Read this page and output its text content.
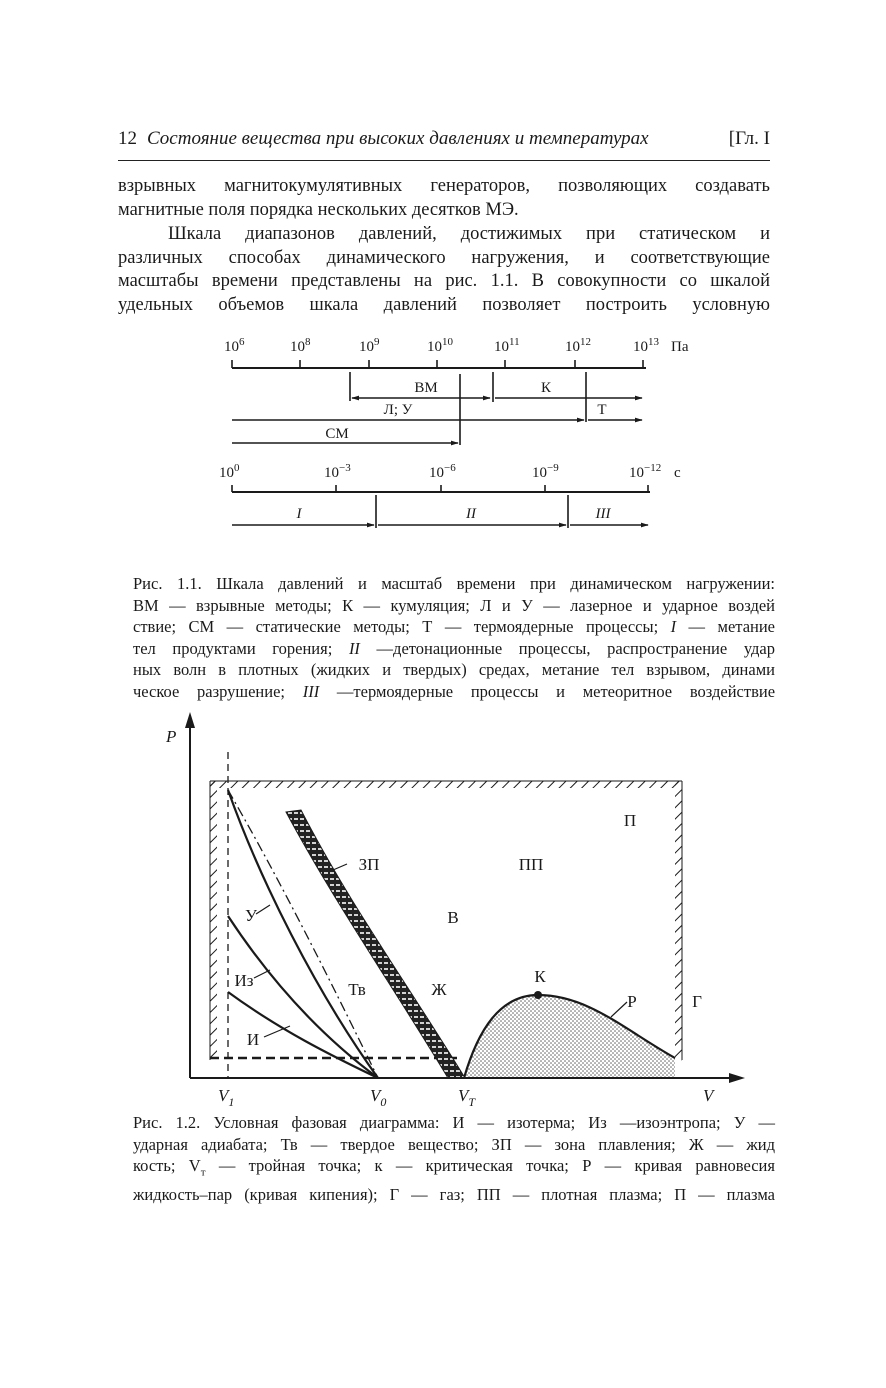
12 Состояние вещества при высоких давлениях и температурах	[Гл. I
взрывных магнитокумулятивных генераторов, позволяющих создавать
магнитные поля порядка нескольких десятков МЭ.
Шкала диапазонов давлений, достижимых при статическом и
различных способах динамического нагружения, и соответствующие
масштабы времени представлены на рис. 1.1. В совокупности со шкалой
удельных объемов шкала давлений позволяет построить условную
$10^6$	$10^8$	$10^9$	$10^{10}$	$10^{11}$	$10^{12}$	$10^{13}$ Па
ВМ	К
Л; У	Т
СМ
$10^0$	$10^{-3}$	$10^{-6}$	$10^{-9}$	$10^{-12}$ с
I	II	III
Рис. 1.1. Шкала давлений и масштаб времени при динамическом нагружении:
ВМ — взрывные методы; К — кумуляция; Л и У — лазерное и ударное воздей
ствие; СМ — статические методы; Т — термоядерные процессы; I — метание
тел продуктами горения; II —детонационные процессы, распространение удар
ных волн в плотных (жидких и твердых) средах, метание тел взрывом, динами
ческое разрушение; III —термоядерные процессы и метеоритное воздействие
P
V
$V_1$	$V_0$	$V_Т$
П
ПП
ЗП
В
У
Из
И
Тв	Ж
К
Р	Г
Рис. 1.2. Условная фазовая диаграмма: И — изотерма; Из —изоэнтропа; У —
ударная адиабата; Тв — твердое вещество; ЗП — зона плавления; Ж — жид
кость; $V_т$ — тройная точка; к — критическая точка; Р — кривая равновесия
жидкость–пар (кривая кипения); Г — газ; ПП — плотная плазма; П — плазма
